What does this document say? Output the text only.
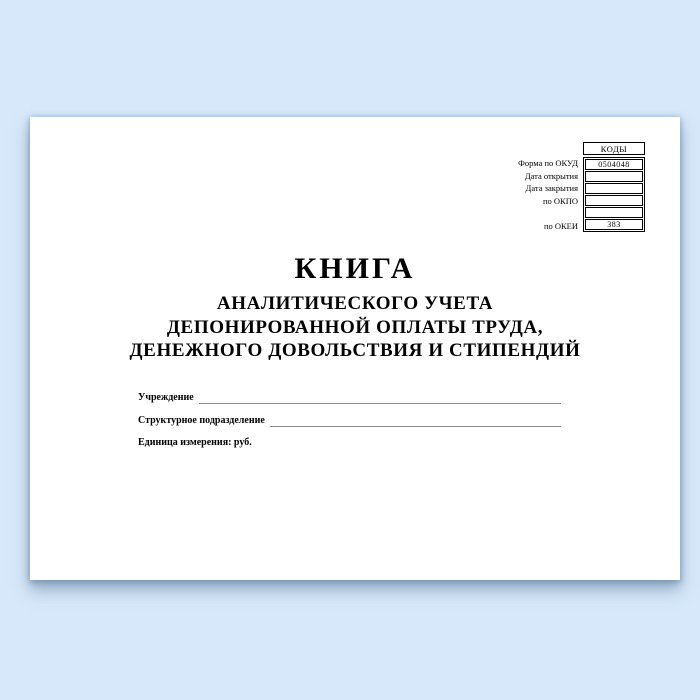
Форма по ОКУД
Дата открытия
Дата закрытия
по ОКПО
по ОКЕИ
КОДЫ
0504048
383
КНИГА
АНАЛИТИЧЕСКОГО УЧЕТА
ДЕПОНИРОВАННОЙ ОПЛАТЫ ТРУДА,
ДЕНЕЖНОГО ДОВОЛЬСТВИЯ И СТИПЕНДИЙ
Учреждение
Структурное подразделение
Единица измерения: руб.
